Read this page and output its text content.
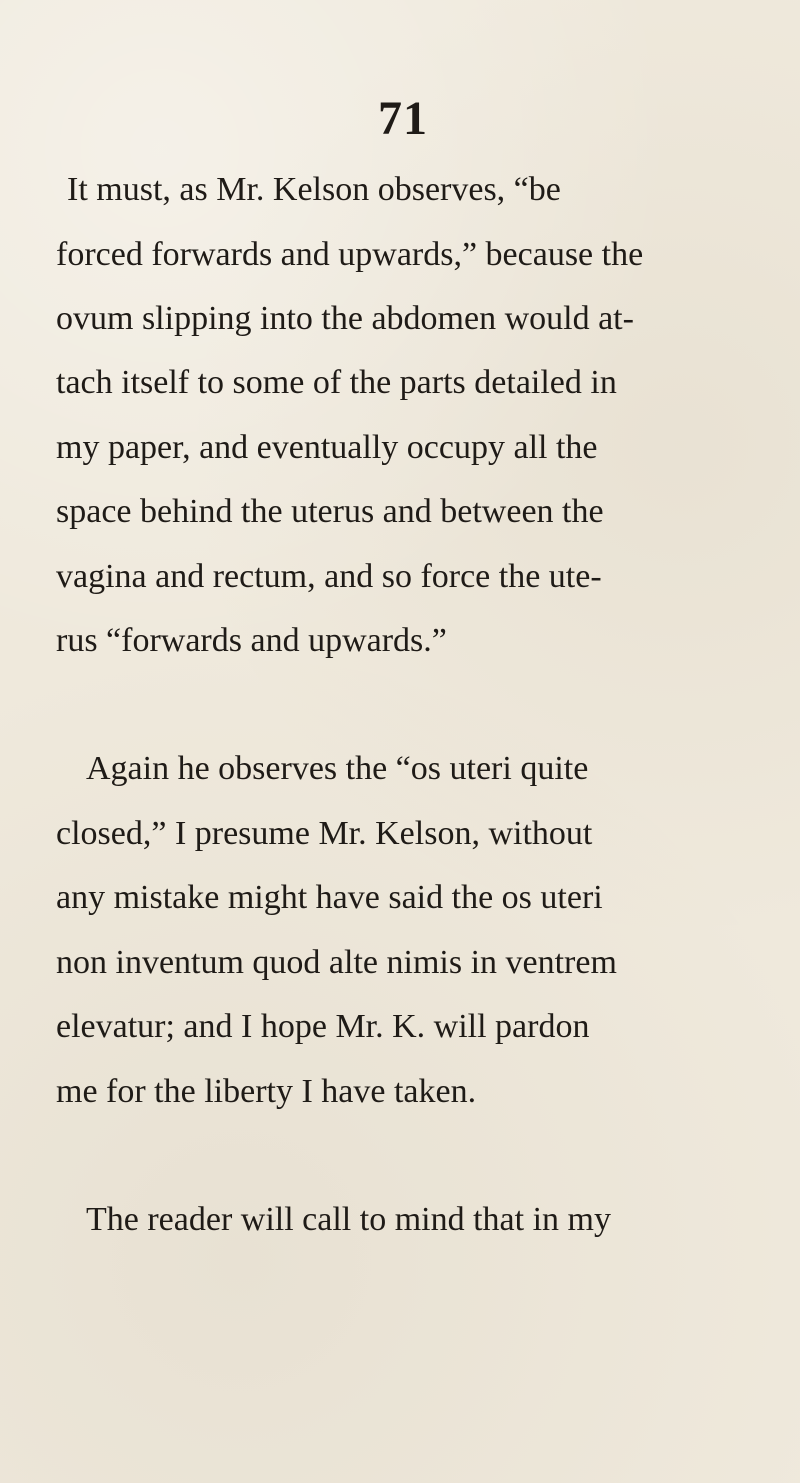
71
It must, as Mr. Kelson observes, “be
forced forwards and upwards,” because the
ovum slipping into the abdomen would at-
tach itself to some of the parts detailed in
my paper, and eventually occupy all the
space behind the uterus and between the
vagina and rectum, and so force the ute-
rus “forwards and upwards.”
Again he observes the “os uteri quite
closed,” I presume Mr. Kelson, without
any mistake might have said the os uteri
non inventum quod alte nimis in ventrem
elevatur; and I hope Mr. K. will pardon
me for the liberty I have taken.
The reader will call to mind that in my
